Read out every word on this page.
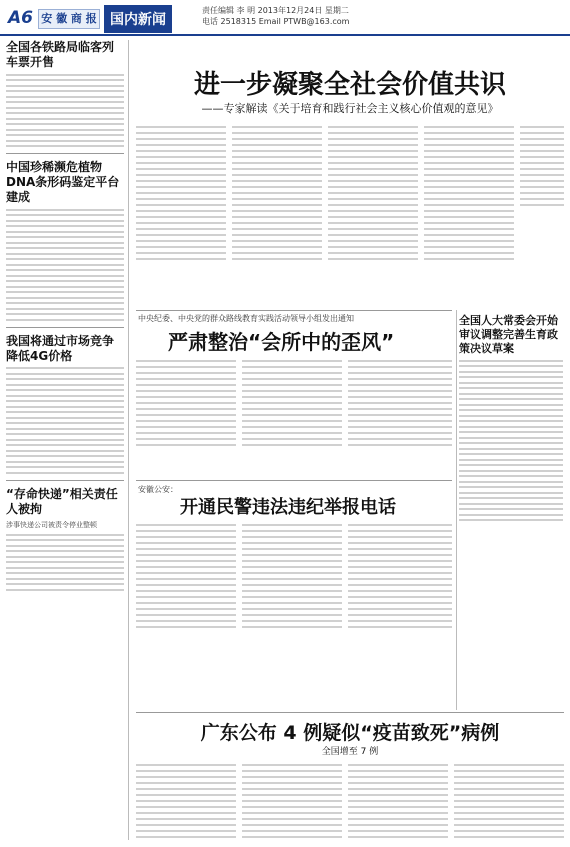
A6 安 徽 商 报 国内新闻
责任编辑 李 明 2013年12月24日 星期二
电话 2518315 Email PTWB@163.com
全国各铁路局临客列车票开售
中国珍稀濒危植物DNA条形码鉴定平台建成
我国将通过市场竞争降低4G价格
“存命快递”相关责任人被拘
涉事快递公司被责令停业整顿
进一步凝聚全社会价值共识
——专家解读《关于培育和践行社会主义核心价值观的意见》
中央纪委、中央党的群众路线教育实践活动领导小组发出通知
严肃整治“会所中的歪风”
安徽公安：
开通民警违法违纪举报电话
全国人大常委会开始审议调整完善生育政策决议草案
广东公布 4 例疑似“疫苗致死”病例
全国增至 7 例
